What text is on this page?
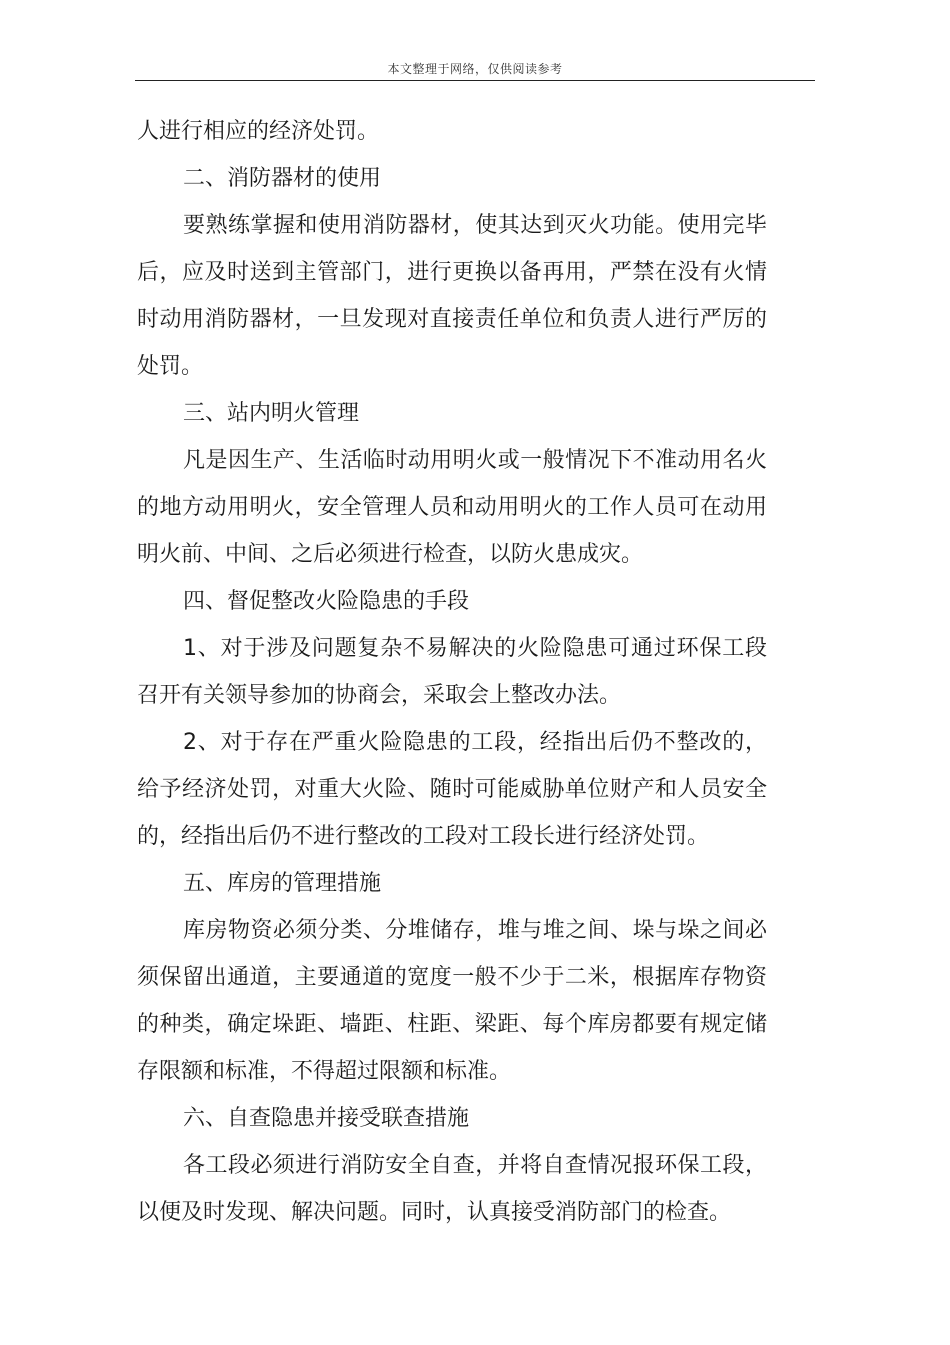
本文整理于网络，仅供阅读参考

人进行相应的经济处罚。

二、消防器材的使用

要熟练掌握和使用消防器材，使其达到灭火功能。使用完毕后，应及时送到主管部门，进行更换以备再用，严禁在没有火情时动用消防器材，一旦发现对直接责任单位和负责人进行严厉的处罚。

三、站内明火管理

凡是因生产、生活临时动用明火或一般情况下不准动用名火的地方动用明火，安全管理人员和动用明火的工作人员可在动用明火前、中间、之后必须进行检查，以防火患成灾。

四、督促整改火险隐患的手段

1、对于涉及问题复杂不易解决的火险隐患可通过环保工段召开有关领导参加的协商会，采取会上整改办法。

2、对于存在严重火险隐患的工段，经指出后仍不整改的，给予经济处罚，对重大火险、随时可能威胁单位财产和人员安全的，经指出后仍不进行整改的工段对工段长进行经济处罚。

五、库房的管理措施

库房物资必须分类、分堆储存，堆与堆之间、垛与垛之间必须保留出通道，主要通道的宽度一般不少于二米，根据库存物资的种类，确定垛距、墙距、柱距、梁距、每个库房都要有规定储存限额和标准，不得超过限额和标准。

六、自查隐患并接受联查措施

各工段必须进行消防安全自查，并将自查情况报环保工段，以便及时发现、解决问题。同时，认真接受消防部门的检查。
